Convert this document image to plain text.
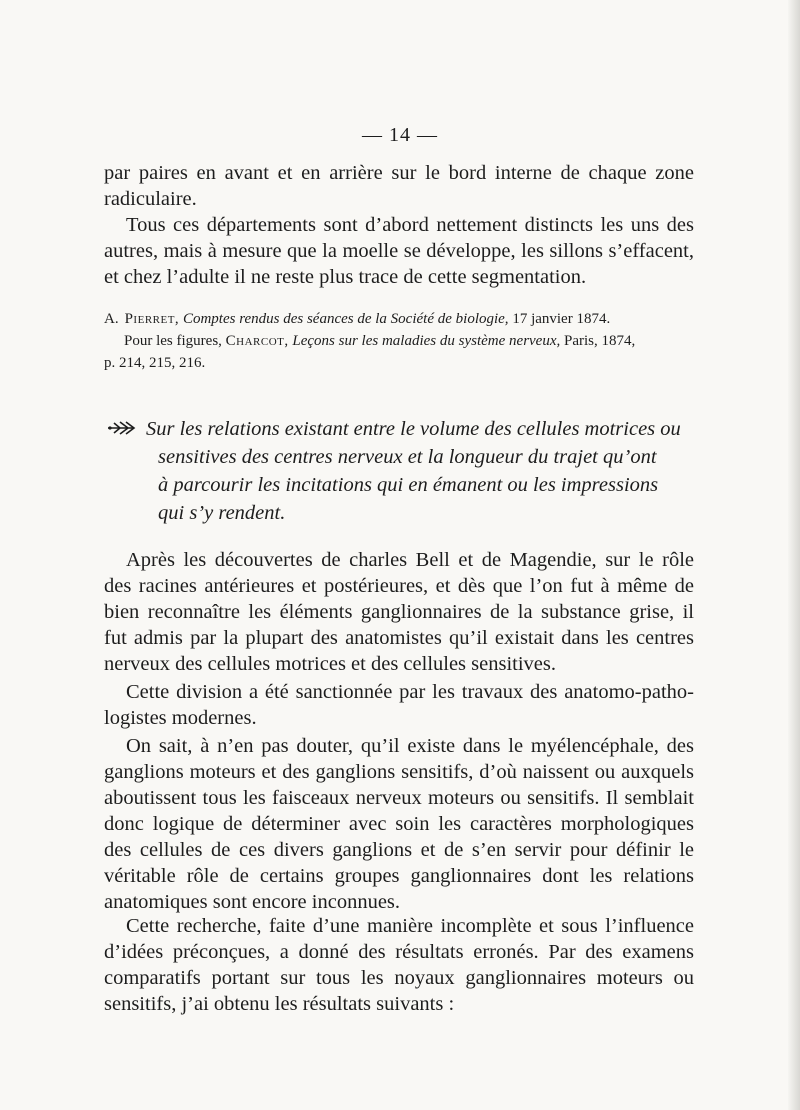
— 14 —
par paires en avant et en arrière sur le bord interne de chaque zone
radiculaire.
Tous ces départements sont d’abord nettement distincts les uns des
autres, mais à mesure que la moelle se développe, les sillons s’effacent,
et chez l’adulte il ne reste plus trace de cette segmentation.
A. Pierret, Comptes rendus des séances de la Société de biologie, 17 janvier 1874.
Pour les figures, Charcot, Leçons sur les maladies du système nerveux, Paris, 1874,
p. 214, 215, 216.
Sur les relations existant entre le volume des cellules motrices ou
sensitives des centres nerveux et la longueur du trajet qu’ont
à parcourir les incitations qui en émanent ou les impressions
qui s’y rendent.
Après les découvertes de charles Bell et de Magendie, sur le rôle
des racines antérieures et postérieures, et dès que l’on fut à même de
bien reconnaître les éléments ganglionnaires de la substance grise, il
fut admis par la plupart des anatomistes qu’il existait dans les centres
nerveux des cellules motrices et des cellules sensitives.
Cette division a été sanctionnée par les travaux des anatomo-patho-
logistes modernes.
On sait, à n’en pas douter, qu’il existe dans le myélencéphale, des
ganglions moteurs et des ganglions sensitifs, d’où naissent ou auxquels
aboutissent tous les faisceaux nerveux moteurs ou sensitifs. Il semblait
donc logique de déterminer avec soin les caractères morphologiques
des cellules de ces divers ganglions et de s’en servir pour définir le
véritable rôle de certains groupes ganglionnaires dont les relations
anatomiques sont encore inconnues.
Cette recherche, faite d’une manière incomplète et sous l’influence
d’idées préconçues, a donné des résultats erronés. Par des examens
comparatifs portant sur tous les noyaux ganglionnaires moteurs ou
sensitifs, j’ai obtenu les résultats suivants :
